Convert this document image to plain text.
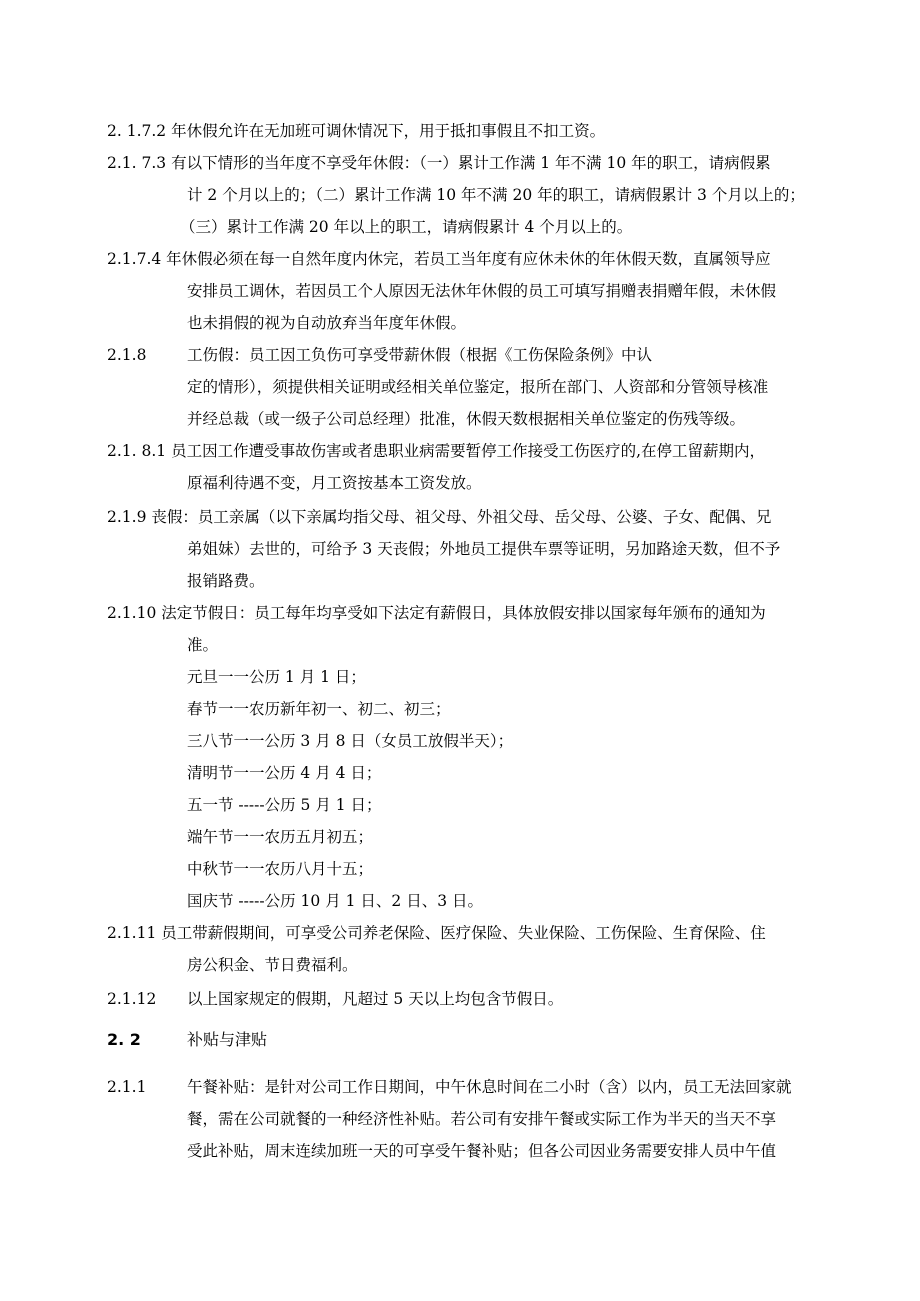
2. 1.7.2 年休假允许在无加班可调休情况下，用于抵扣事假且不扣工资。
2.1. 7.3 有以下情形的当年度不享受年休假：（一）累计工作满 1 年不满 10 年的职工，请病假累
计 2 个月以上的；（二）累计工作满 10 年不满 20 年的职工，请病假累计 3 个月以上的；
（三）累计工作满 20 年以上的职工，请病假累计 4 个月以上的。
2.1.7.4 年休假必须在每一自然年度内休完，若员工当年度有应休未休的年休假天数，直属领导应
安排员工调休，若因员工个人原因无法休年休假的员工可填写捐赠表捐赠年假，未休假
也未捐假的视为自动放弃当年度年休假。
2.1.8	工伤假：员工因工负伤可享受带薪休假（根据《工伤保险条例》中认
定的情形），须提供相关证明或经相关单位鉴定，报所在部门、人资部和分管领导核准
并经总裁（或一级子公司总经理）批准，休假天数根据相关单位鉴定的伤残等级。
2.1. 8.1 员工因工作遭受事故伤害或者患职业病需要暂停工作接受工伤医疗的,在停工留薪期内，
原福利待遇不变，月工资按基本工资发放。
2.1.9 丧假：员工亲属（以下亲属均指父母、祖父母、外祖父母、岳父母、公婆、子女、配偶、兄
弟姐妹）去世的，可给予 3 天丧假；外地员工提供车票等证明，另加路途天数，但不予
报销路费。
2.1.10 法定节假日：员工每年均享受如下法定有薪假日，具体放假安排以国家每年颁布的通知为
准。
元旦一一公历 1 月 1 日；
春节一一农历新年初一、初二、初三；
三八节一一公历 3 月 8 日（女员工放假半天）；
清明节一一公历 4 月 4 日；
五一节 -----公历 5 月 1 日；
端午节一一农历五月初五；
中秋节一一农历八月十五；
国庆节 -----公历 10 月 1 日、2 日、3 日。
2.1.11 员工带薪假期间，可享受公司养老保险、医疗保险、失业保险、工伤保险、生育保险、住
房公积金、节日费福利。
2.1.12 以上国家规定的假期，凡超过 5 天以上均包含节假日。
2. 2	补贴与津贴
2.1.1	午餐补贴：是针对公司工作日期间，中午休息时间在二小时（含）以内，员工无法回家就
餐，需在公司就餐的一种经济性补贴。若公司有安排午餐或实际工作为半天的当天不享
受此补贴，周末连续加班一天的可享受午餐补贴；但各公司因业务需要安排人员中午值
